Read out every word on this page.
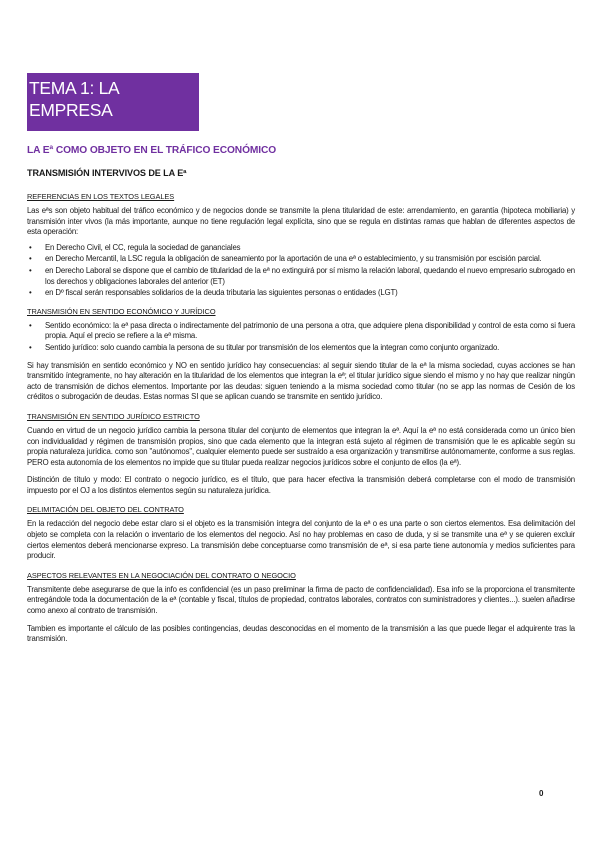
TEMA 1: LA EMPRESA
LA Eª COMO OBJETO EN EL TRÁFICO ECONÓMICO
TRANSMISIÓN INTERVIVOS DE LA Eª
REFERENCIAS EN LOS TEXTOS LEGALES

Las eªs son objeto habitual del tráfico económico y de negocios donde se transmite la plena titularidad de este: arrendamiento, en garantía (hipoteca mobiliaria) y transmisión inter vivos (la más importante, aunque no tiene regulación legal explícita, sino que se regula en distintas ramas que hablan de diferentes aspectos de esta operación:

• En Derecho Civil, el CC, regula la sociedad de gananciales
• en Derecho Mercantil, la LSC regula la obligación de saneamiento por la aportación de una eª o establecimiento, y su transmisión por escisión parcial.
• en Derecho Laboral se dispone que el cambio de titularidad de la eª no extinguirá por sí mismo la relación laboral, quedando el nuevo empresario subrogado en los derechos y obligaciones laborales del anterior (ET)
• en Dº fiscal serán responsables solidarios de la deuda tributaria las siguientes personas o entidades (LGT)
TRANSMISIÓN EN SENTIDO ECONÓMICO Y JURÍDICO
• Sentido económico: la eª pasa directa o indirectamente del patrimonio de una persona a otra, que adquiere plena disponibilidad y control de esta como si fuera propia. Aquí el precio se refiere a la eª misma.
• Sentido jurídico: solo cuando cambia la persona de su titular por transmisión de los elementos que la integran como conjunto organizado.

Si hay transmisión en sentido económico y NO en sentido jurídico hay consecuencias: al seguir siendo titular de la eª la misma sociedad, cuyas acciones se han transmitido íntegramente, no hay alteración en la titularidad de los elementos que integran la eª; el titular jurídico sigue siendo el mismo y no hay que realizar ningún acto de transmisión de dichos elementos. Importante por las deudas: siguen teniendo a la misma sociedad como titular (no se app las normas de Cesión de los créditos o subrogación de deudas. Estas normas SI que se aplican cuando se transmite en sentido jurídico.

TRANSMISIÓN EN SENTIDO JURÍDICO ESTRICTO

Cuando en virtud de un negocio jurídico cambia la persona titular del conjunto de elementos que integran la eª. Aquí la eª no está considerada como un único bien con individualidad y régimen de transmisión propios, sino que cada elemento que la integran está sujeto al régimen de transmisión que le es aplicable según su propia naturaleza jurídica. como son "autónomos", cualquier elemento puede ser sustraído a esa organización y transmitirse autónomamente, conforme a sus reglas. PERO esta autonomía de los elementos no impide que su titular pueda realizar negocios jurídicos sobre el conjunto de ellos (la eª).

Distinción de título y modo: El contrato o negocio jurídico, es el título, que para hacer efectiva la transmisión deberá completarse con el modo de transmisión impuesto por el OJ a los distintos elementos según su naturaleza jurídica.

DELIMITACIÓN DEL OBJETO DEL CONTRATO

En la redacción del negocio debe estar claro si el objeto es la transmisión íntegra del conjunto de la eª o es una parte o son ciertos elementos. Esa delimitación del objeto se completa con la relación o inventario de los elementos del negocio. Así no hay problemas en caso de duda, y si se transmite una eª y se quieren excluir ciertos elementos deberá mencionarse expreso. La transmisión debe conceptuarse como transmisión de eª, si esa parte tiene autonomía y medios suficientes para producir.

ASPECTOS RELEVANTES EN LA NEGOCIACIÓN DEL CONTRATO O NEGOCIO

Transmitente debe asegurarse de que la info es confidencial (es un paso preliminar la firma de pacto de confidencialidad). Esa info se la proporciona el transmitente entregándole toda la documentación de la eª (contable y fiscal, títulos de propiedad, contratos laborales, contratos con suministradores y clientes...). suelen añadirse como anexo al contrato de transmisión.

Tambien es importante el cálculo de las posibles contingencias, deudas desconocidas en el momento de la transmisión a las que puede llegar el adquirente tras la transmisión.

0
